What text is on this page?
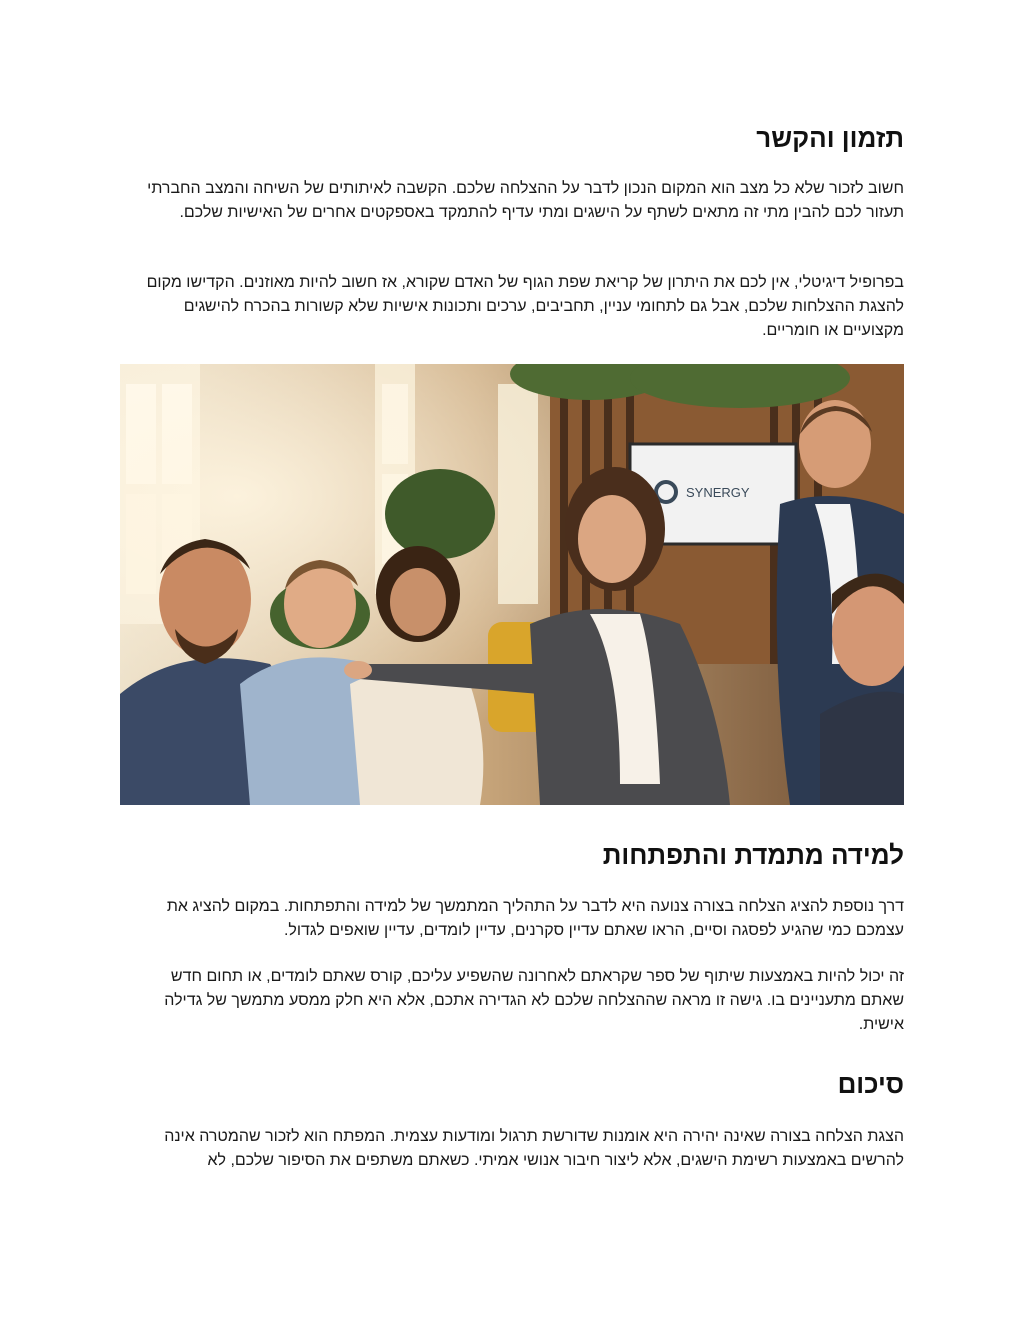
תזמון והקשר

חשוב לזכור שלא כל מצב הוא המקום הנכון לדבר על ההצלחה שלכם. הקשבה לאיתותים של השיחה והמצב החברתי תעזור לכם להבין מתי זה מתאים לשתף על הישגים ומתי עדיף להתמקד באספקטים אחרים של האישיות שלכם.

בפרופיל דיגיטלי, אין לכם את היתרון של קריאת שפת הגוף של האדם שקורא, אז חשוב להיות מאוזנים. הקדישו מקום להצגת ההצלחות שלכם, אבל גם לתחומי עניין, תחביבים, ערכים ותכונות אישיות שלא קשורות בהכרח להישגים מקצועיים או חומריים.

SYNERGY
למידה מתמדת והתפתחות

דרך נוספת להציג הצלחה בצורה צנועה היא לדבר על התהליך המתמשך של למידה והתפתחות. במקום להציג את עצמכם כמי שהגיע לפסגה וסיים, הראו שאתם עדיין סקרנים, עדיין לומדים, עדיין שואפים לגדול.

זה יכול להיות באמצעות שיתוף של ספר שקראתם לאחרונה שהשפיע עליכם, קורס שאתם לומדים, או תחום חדש שאתם מתעניינים בו. גישה זו מראה שההצלחה שלכם לא הגדירה אתכם, אלא היא חלק ממסע מתמשך של גדילה אישית.

סיכום

הצגת הצלחה בצורה שאינה יהירה היא אומנות שדורשת תרגול ומודעות עצמית. המפתח הוא לזכור שהמטרה אינה להרשים באמצעות רשימת הישגים, אלא ליצור חיבור אנושי אמיתי. כשאתם משתפים את הסיפור שלכם, לא
